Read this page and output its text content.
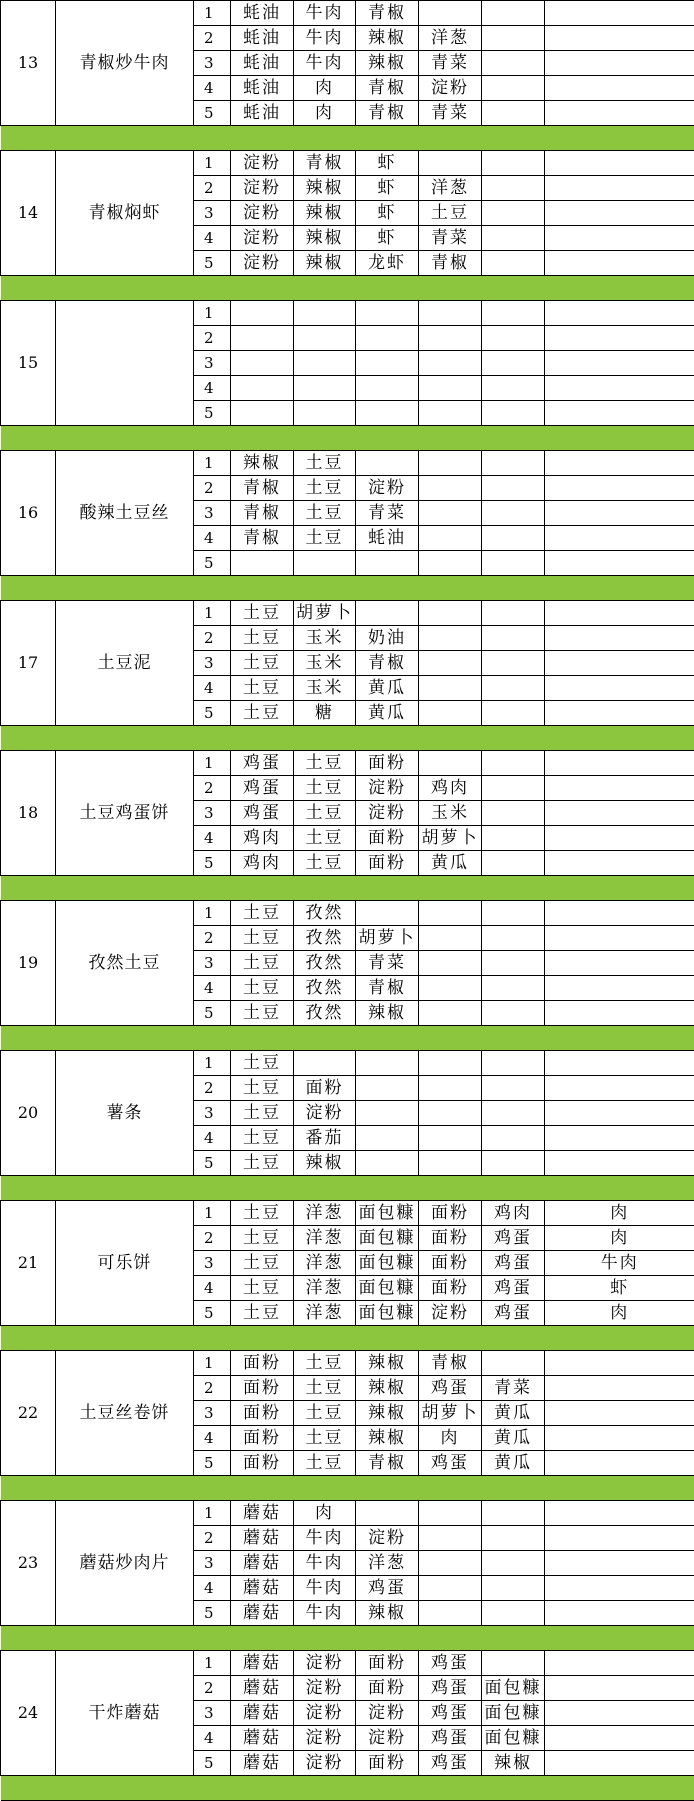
13	青椒炒牛肉	1	蚝油	牛肉	青椒			
		2	蚝油	牛肉	辣椒	洋葱		
		3	蚝油	牛肉	辣椒	青菜		
		4	蚝油	肉	青椒	淀粉		
		5	蚝油	肉	青椒	青菜		

14	青椒焖虾	1	淀粉	青椒	虾			
		2	淀粉	辣椒	虾	洋葱		
		3	淀粉	辣椒	虾	土豆		
		4	淀粉	辣椒	虾	青菜		
		5	淀粉	辣椒	龙虾	青椒		

15		1						
		2						
		3						
		4						
		5						

16	酸辣土豆丝	1	辣椒	土豆				
		2	青椒	土豆	淀粉			
		3	青椒	土豆	青菜			
		4	青椒	土豆	蚝油			
		5						

17	土豆泥	1	土豆	胡萝卜				
		2	土豆	玉米	奶油			
		3	土豆	玉米	青椒			
		4	土豆	玉米	黄瓜			
		5	土豆	糖	黄瓜			

18	土豆鸡蛋饼	1	鸡蛋	土豆	面粉			
		2	鸡蛋	土豆	淀粉	鸡肉		
		3	鸡蛋	土豆	淀粉	玉米		
		4	鸡肉	土豆	面粉	胡萝卜		
		5	鸡肉	土豆	面粉	黄瓜		

19	孜然土豆	1	土豆	孜然				
		2	土豆	孜然	胡萝卜			
		3	土豆	孜然	青菜			
		4	土豆	孜然	青椒			
		5	土豆	孜然	辣椒			

20	薯条	1	土豆					
		2	土豆	面粉				
		3	土豆	淀粉				
		4	土豆	番茄				
		5	土豆	辣椒				

21	可乐饼	1	土豆	洋葱	面包糠	面粉	鸡肉	肉
		2	土豆	洋葱	面包糠	面粉	鸡蛋	肉
		3	土豆	洋葱	面包糠	面粉	鸡蛋	牛肉
		4	土豆	洋葱	面包糠	面粉	鸡蛋	虾
		5	土豆	洋葱	面包糠	淀粉	鸡蛋	肉

22	土豆丝卷饼	1	面粉	土豆	辣椒	青椒		
		2	面粉	土豆	辣椒	鸡蛋	青菜	
		3	面粉	土豆	辣椒	胡萝卜	黄瓜	
		4	面粉	土豆	辣椒	肉	黄瓜	
		5	面粉	土豆	青椒	鸡蛋	黄瓜	

23	蘑菇炒肉片	1	蘑菇	肉				
		2	蘑菇	牛肉	淀粉			
		3	蘑菇	牛肉	洋葱			
		4	蘑菇	牛肉	鸡蛋			
		5	蘑菇	牛肉	辣椒			

24	干炸蘑菇	1	蘑菇	淀粉	面粉	鸡蛋		
		2	蘑菇	淀粉	面粉	鸡蛋	面包糠	
		3	蘑菇	淀粉	淀粉	鸡蛋	面包糠	
		4	蘑菇	淀粉	淀粉	鸡蛋	面包糠	
		5	蘑菇	淀粉	面粉	鸡蛋	辣椒	
